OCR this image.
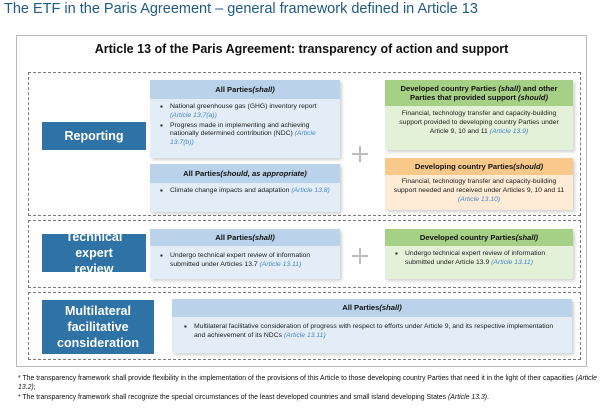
The ETF in the Paris Agreement – general framework defined in Article 13
Article 13 of the Paris Agreement: transparency of action and support
Reporting
All Parties (shall)
▪ National greenhouse gas (GHG) inventory report (Article 13.7(a))
▪ Progress made in implementing and achieving nationally determined contribution (NDC) (Article 13.7(b))
All Parties (should, as appropriate)
▪ Climate change impacts and adaptation (Article 13.8)
Developed country Parties (shall) and other Parties that provided support (should)
Financial, technology transfer and capacity-building support provided to developing country Parties under Article 9, 10 and 11 (Article 13.9)
Developing country Parties (should)
Financial, technology transfer and capacity-building support needed and received under Articles 9, 10 and 11 (Article 13.10)
Technical expert review
All Parties (shall)
▪ Undergo technical expert review of information submitted under Articles 13.7 (Article 13.11)
Developed country Parties (shall)
▪ Undergo technical expert review of information submitted under Article 13.9 (Article 13.11)
Multilateral facilitative consideration
All Parties (shall)
▪ Multilateral facilitative consideration of progress with respect to efforts under Article 9, and its respective implementation and achievement of its NDCs (Article 13.11)
* The transparency framework shall provide flexibility in the implementation of the provisions of this Article to those developing country Parties that need it in the light of their capacities (Article 13.2);
* The transparency framework shall recognize the special circumstances of the least developed countries and small island developing States (Article 13.3).
